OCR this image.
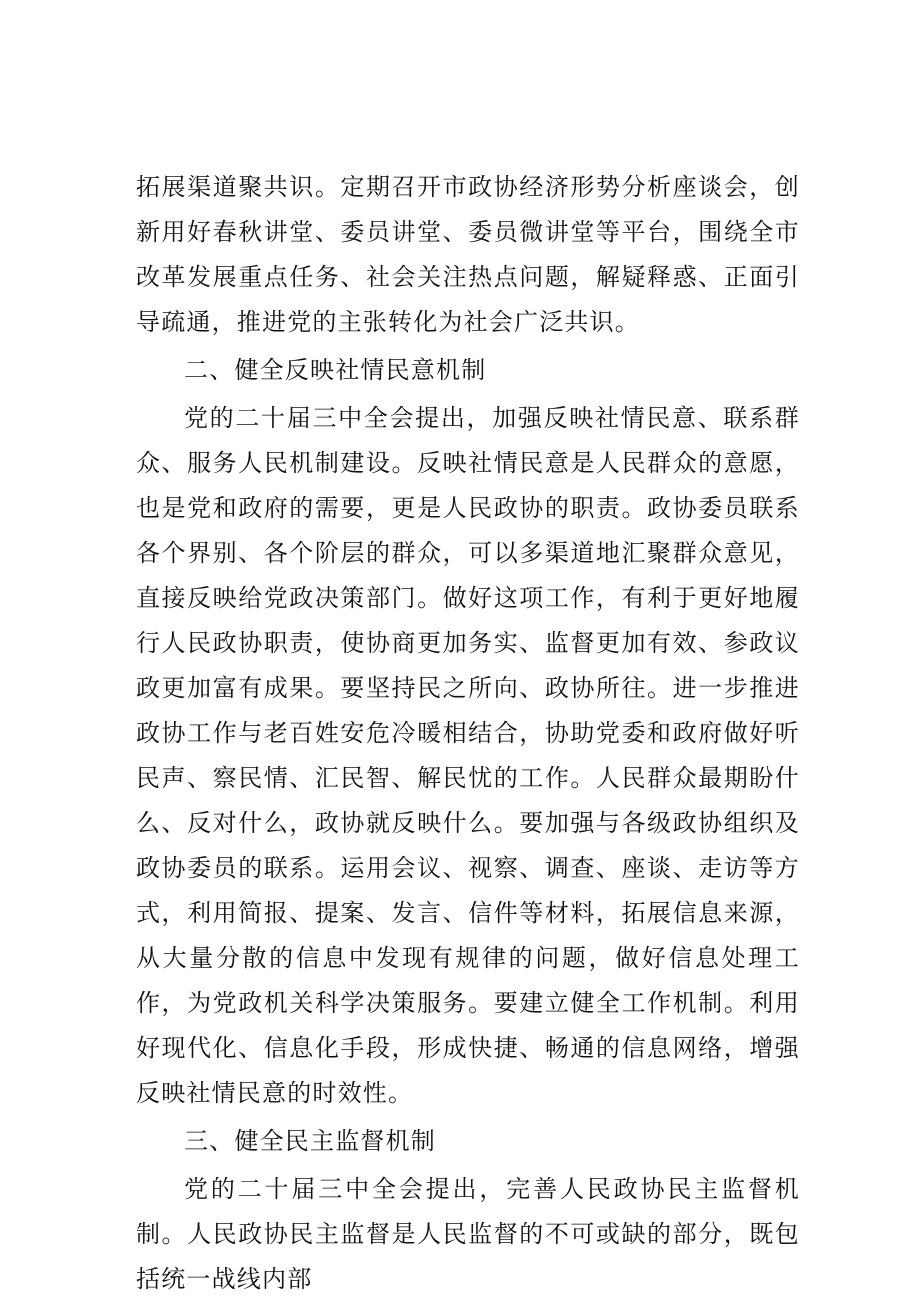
拓展渠道聚共识。定期召开市政协经济形势分析座谈会，创新用好春秋讲堂、委员讲堂、委员微讲堂等平台，围绕全市改革发展重点任务、社会关注热点问题，解疑释惑、正面引导疏通，推进党的主张转化为社会广泛共识。

二、健全反映社情民意机制

党的二十届三中全会提出，加强反映社情民意、联系群众、服务人民机制建设。反映社情民意是人民群众的意愿，也是党和政府的需要，更是人民政协的职责。政协委员联系各个界别、各个阶层的群众，可以多渠道地汇聚群众意见，直接反映给党政决策部门。做好这项工作，有利于更好地履行人民政协职责，使协商更加务实、监督更加有效、参政议政更加富有成果。要坚持民之所向、政协所往。进一步推进政协工作与老百姓安危冷暖相结合，协助党委和政府做好听民声、察民情、汇民智、解民忧的工作。人民群众最期盼什么、反对什么，政协就反映什么。要加强与各级政协组织及政协委员的联系。运用会议、视察、调查、座谈、走访等方式，利用简报、提案、发言、信件等材料，拓展信息来源，从大量分散的信息中发现有规律的问题，做好信息处理工作，为党政机关科学决策服务。要建立健全工作机制。利用好现代化、信息化手段，形成快捷、畅通的信息网络，增强反映社情民意的时效性。

三、健全民主监督机制

党的二十届三中全会提出，完善人民政协民主监督机制。人民政协民主监督是人民监督的不可或缺的部分，既包括统一战线内部
